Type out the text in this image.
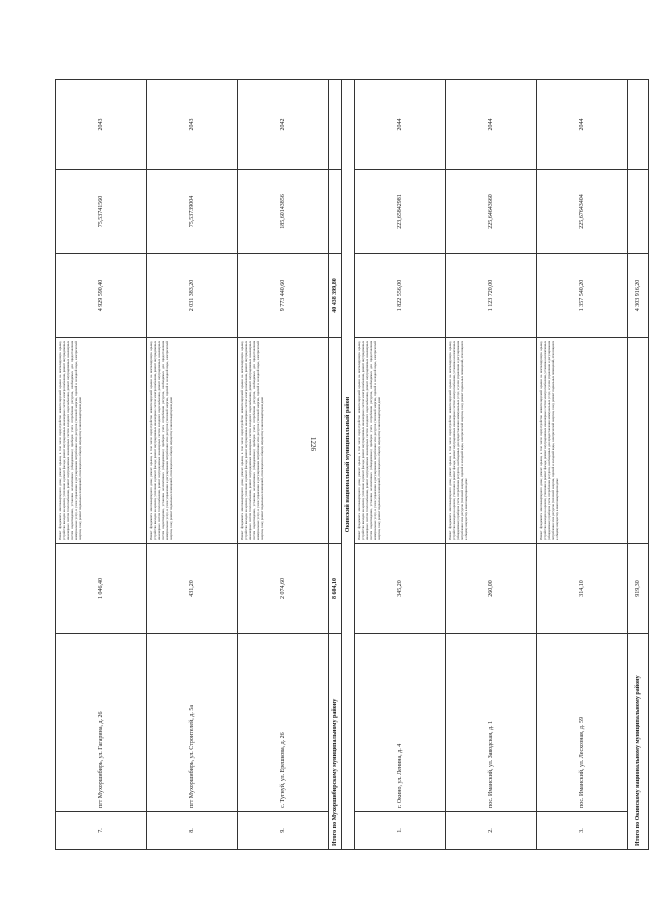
1226
7.	пгт Мухоршибирь, ул. Гагарина, д. 26	1 046,40	Ремонт фундамента многоквартирного дома; ремонт крыши, в том числе переустройство невентилируемой крыши на вентилируемую крышу, устройство выходов на кровлю; утепление и ремонт фасада; ремонт внутридомовых инженерных систем электроснабжения, ремонт внутридомовых инженерных систем теплоснабжения, ремонт внутридомовых инженерных систем холодного водоснабжения, ремонт внутридомовых инженерных систем водоотведения, установка коллективных (общедомовых) приборов учета потребления ресурсов, необходимых для предоставления коммунальных услуг, и узлов управления и регулирования потребления этих ресурсов (тепловой энергии, горячей и холодной воды, электрической энергии, газа); ремонт подвальных помещений, относящихся к общему имуществу в многоквартирном доме	4 929 590,40	75,53741560	2043
8.	пгт Мухоршибирь, ул. Строителей, д. 5а	431,20	Ремонт фундамента многоквартирного дома; ремонт крыши, в том числе переустройство невентилируемой крыши на вентилируемую крышу, устройство выходов на кровлю; утепление и ремонт фасада; ремонт внутридомовых инженерных систем электроснабжения, ремонт внутридомовых инженерных систем теплоснабжения, ремонт внутридомовых инженерных систем холодного водоснабжения, ремонт внутридомовых инженерных систем водоотведения, установка коллективных (общедомовых) приборов учета потребления ресурсов, необходимых для предоставления коммунальных услуг, и узлов управления и регулирования потребления этих ресурсов (тепловой энергии, горячей и холодной воды, электрической энергии, газа); ремонт подвальных помещений, относящихся к общему имуществу в многоквартирном доме	2 031 383,20	75,53739004	2043
9.	с. Тугнуй, ул. Ерешкова, д. 26	2 074,60	Ремонт фундамента многоквартирного дома; ремонт крыши, в том числе переустройство невентилируемой крыши на вентилируемую крышу, устройство выходов на кровлю; утепление и ремонт фасада; ремонт внутридомовых инженерных систем электроснабжения, ремонт внутридомовых инженерных систем теплоснабжения, ремонт внутридомовых инженерных систем холодного водоснабжения, ремонт внутридомовых инженерных систем водоотведения, установка коллективных (общедомовых) приборов учета потребления ресурсов, необходимых для предоставления коммунальных услуг, и узлов управления и регулирования потребления этих ресурсов (тепловой энергии, горячей и холодной воды, электрической энергии, газа); ремонт подвальных помещений, относящихся к общему имуществу в многоквартирном доме	9 773 440,60	185,60143856	2042
Итого по Мухоршибирскому муниципальному району		8 604,10		40 438 399,80		
Окинский национальный муниципальный район						
1.	г. Окино, ул. Ленина, д. 4	345,20	Ремонт фундамента многоквартирного дома; ремонт крыши, в том числе переустройство невентилируемой крыши на вентилируемую крышу, устройство выходов на кровлю; утепление и ремонт фасада; ремонт внутридомовых инженерных систем электроснабжения, ремонт внутридомовых инженерных систем теплоснабжения, ремонт внутридомовых инженерных систем холодного водоснабжения, ремонт внутридомовых инженерных систем водоотведения, установка коллективных (общедомовых) приборов учета потребления ресурсов, необходимых для предоставления коммунальных услуг, и узлов управления и регулирования потребления этих ресурсов (тепловой энергии, горячей и холодной воды, электрической энергии, газа); ремонт подвальных помещений, относящихся к общему имуществу в многоквартирном доме	1 822 556,00	223,65842981	2044
2.	пос. Иманский, ул. Заводская, д. 1	260,00	Ремонт фундамента многоквартирного дома; ремонт крыши, в том числе переустройство невентилируемой крыши на вентилируемую крышу, устройство выходов на кровлю; утепление и ремонт фасада; ремонт внутридомовых инженерных систем электроснабжения, установка коллективных (общедомовых) приборов учета потребления ресурсов, необходимых для предоставления коммунальных услуг, и узлов управления и регулирования потребления этих ресурсов (тепловой энергии, горячей и холодной воды, электрической энергии, газа); ремонт подвальных помещений, относящихся к общему имуществу в многоквартирном доме	1 123 720,00	225,64643660	2044
3.	пос. Иманский, ул. Лесхозная, д. 59	314,10	Ремонт фундамента многоквартирного дома; ремонт крыши, в том числе переустройство невентилируемой крыши на вентилируемую крышу, устройство выходов на кровлю; утепление и ремонт фасада; ремонт внутридомовых инженерных систем электроснабжения, установка коллективных (общедомовых) приборов учета потребления ресурсов, необходимых для предоставления коммунальных услуг, и узлов управления и регулирования потребления этих ресурсов (тепловой энергии, горячей и холодной воды, электрической энергии, газа); ремонт подвальных помещений, относящихся к общему имуществу в многоквартирном доме	1 357 540,20	225,67643404	2044
Итого по Окинскому национальному муниципальному району		919,30		4 303 916,20		
